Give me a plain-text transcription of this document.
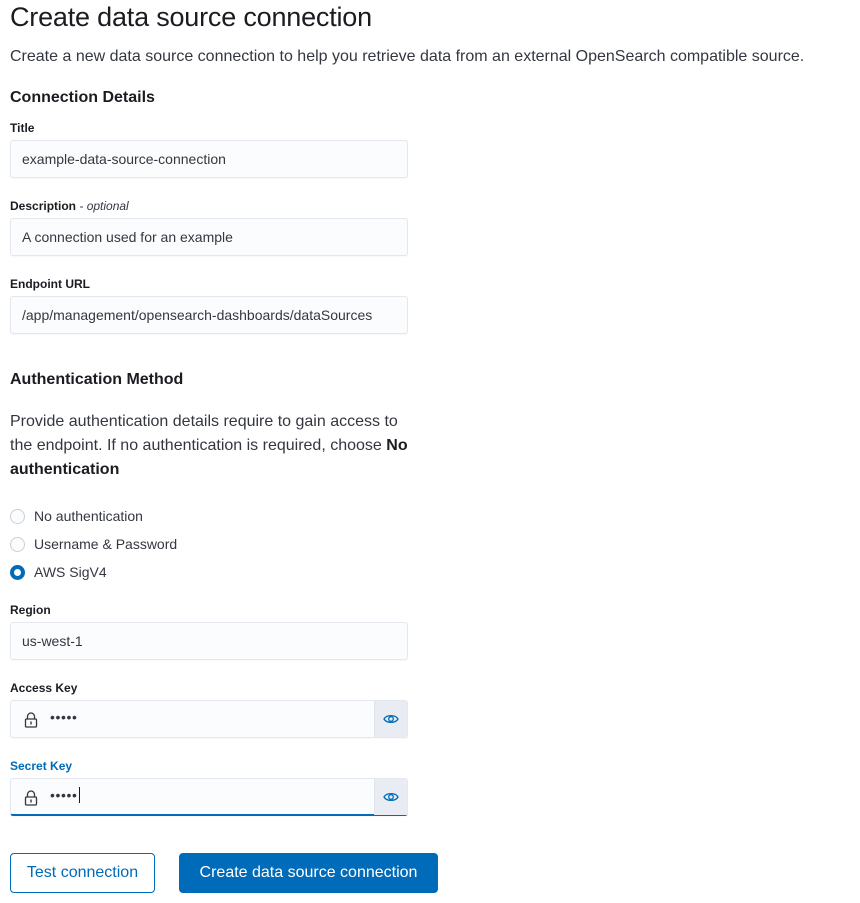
Create data source connection
Create a new data source connection to help you retrieve data from an external OpenSearch compatible source.
Connection Details
Title
example-data-source-connection
Description - optional
A connection used for an example
Endpoint URL
/app/management/opensearch-dashboards/dataSources
Authentication Method
Provide authentication details require to gain access to the endpoint. If no authentication is required, choose No authentication
No authentication
Username & Password
AWS SigV4
Region
us-west-1
Access Key
•••••
Secret Key
•••••
Test connection	Create data source connection
